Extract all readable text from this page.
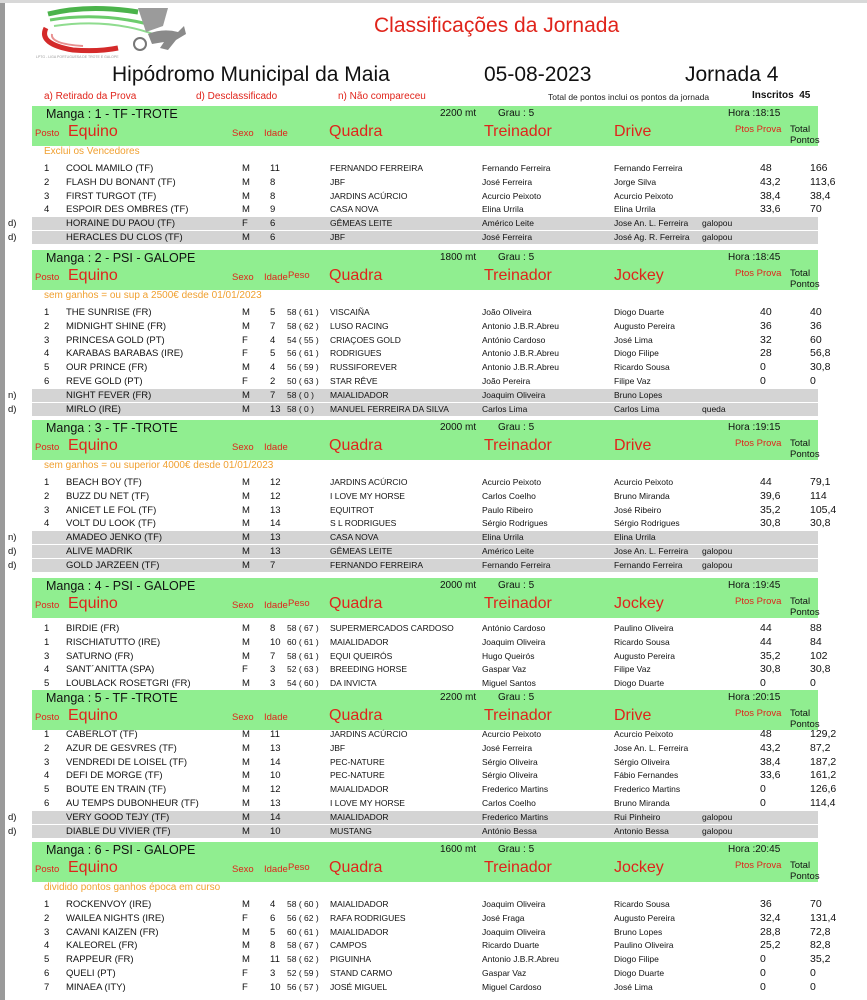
LPTG - LIGA PORTUGUESA DE TROTE E GALOPE
Classificações da Jornada
Hipódromo Municipal da Maia	05-08-2023	Jornada 4
a) Retirado da Prova	d) Desclassificado	n) Não compareceu	Total de pontos inclui os pontos da jornada	Inscritos 45
Manga : 1 - TF -TROTE	2200 mt Grau : 5	Hora :18:15
Posto Equino	Sexo Idade	Quadra	Treinador	Drive	Ptos Prova Total Pontos
Exclui os Vencedores
1 COOL MAMILO (TF)	M 11	FERNANDO FERREIRA	Fernando Ferreira	Fernando Ferreira	48	166
2 FLASH DU BONANT (TF)	M 8	JBF	José Ferreira	Jorge Silva	43,2	113,6
3 FIRST TURGOT (TF)	M 8	JARDINS ACÚRCIO	Acurcio Peixoto	Acurcio Peixoto	38,4	38,4
4 ESPOIR DES OMBRES (TF)	M 9	CASA NOVA	Elina Urrila	Elina Urrila	33,6	70
d)	HORAINE DU PAOU (TF)	F 6	GÊMEAS LEITE	Américo Leite	Jose An. L. Ferreira galopou
d)	HERACLES DU CLOS (TF)	M 6	JBF	José Ferreira	José Ag. R. Ferreira galopou
Manga : 2 - PSI - GALOPE	1800 mt Grau : 5	Hora :18:45
Posto Equino	Sexo Idade Peso Quadra	Treinador	Jockey	Ptos Prova Total Pontos
sem ganhos = ou sup a 2500€ desde 01/01/2023
1 THE SUNRISE (FR)	M 5 58 ( 61 ) VISCAIÑA	João Oliveira	Diogo Duarte	40	40
2 MIDNIGHT SHINE (FR)	M 7 58 ( 62 ) LUSO RACING	Antonio J.B.R.Abreu	Augusto Pereira	36	36
3 PRINCESA GOLD (PT)	F 4 54 ( 55 ) CRIAÇOES GOLD	António Cardoso	José Lima	32	60
4 KARABAS BARABAS (IRE)	F 5 56 ( 61 ) RODRIGUES	Antonio J.B.R.Abreu	Diogo Filipe	28	56,8
5 OUR PRINCE (FR)	M 4 56 ( 59 ) RUSSIFOREVER	Antonio J.B.R.Abreu	Ricardo Sousa	0	30,8
6 REVE GOLD (PT)	F 2 50 ( 63 ) STAR RÊVE	João Pereira	Filipe Vaz	0	0
n)	NIGHT FEVER (FR)	M 7 58 ( 0 ) MAIALIDADOR	Joaquim Oliveira	Bruno Lopes
d)	MIRLO (IRE)	M 13 58 ( 0 ) MANUEL FERREIRA DA SILVA	Carlos Lima	Carlos Lima	queda
Manga : 3 - TF -TROTE	2000 mt Grau : 5	Hora :19:15
Posto Equino	Sexo Idade	Quadra	Treinador	Drive	Ptos Prova Total Pontos
sem ganhos = ou superior 4000€ desde 01/01/2023
1 BEACH BOY (TF)	M 12	JARDINS ACÚRCIO	Acurcio Peixoto	Acurcio Peixoto	44	79,1
2 BUZZ DU NET (TF)	M 12	I LOVE MY HORSE	Carlos Coelho	Bruno Miranda	39,6	114
3 ANICET LE FOL (TF)	M 13	EQUITROT	Paulo Ribeiro	José Ribeiro	35,2	105,4
4 VOLT DU LOOK (TF)	M 14	S L RODRIGUES	Sérgio Rodrigues	Sérgio Rodrigues	30,8	30,8
n)	AMADEO JENKO (TF)	M 13	CASA NOVA	Elina Urrila	Elina Urrila
d)	ALIVE MADRIK	M 13	GÊMEAS LEITE	Américo Leite	Jose An. L. Ferreira galopou
d)	GOLD JARZEEN (TF)	M 7	FERNANDO FERREIRA	Fernando Ferreira	Fernando Ferreira galopou
Manga : 4 - PSI - GALOPE	2000 mt Grau : 5	Hora :19:45
Posto Equino	Sexo Idade Peso Quadra	Treinador	Jockey	Ptos Prova Total Pontos
1 BIRDIE (FR)	M 8 58 ( 67 ) SUPERMERCADOS CARDOSO	António Cardoso	Paulino Oliveira	44	88
1 RISCHIATUTTO (IRE)	M 10 60 ( 61 ) MAIALIDADOR	Joaquim Oliveira	Ricardo Sousa	44	84
3 SATURNO (FR)	M 7 58 ( 61 ) EQUI QUEIRÓS	Hugo Queirós	Augusto Pereira	35,2	102
4 SANT´ANITTA (SPA)	F 3 52 ( 63 ) BREEDING HORSE	Gaspar Vaz	Filipe Vaz	30,8	30,8
5 LOUBLACK ROSETGRI (FR)	M 3 54 ( 60 ) DA INVICTA	Miguel Santos	Diogo Duarte	0	0
Manga : 5 - TF -TROTE	2200 mt Grau : 5	Hora :20:15
Posto Equino	Sexo Idade	Quadra	Treinador	Drive	Ptos Prova Total Pontos
1 CABERLOT (TF)	M 11	JARDINS ACÚRCIO	Acurcio Peixoto	Acurcio Peixoto	48	129,2
2 AZUR DE GESVRES (TF)	M 13	JBF	José Ferreira	Jose An. L. Ferreira	43,2	87,2
3 VENDREDI DE LOISEL (TF)	M 14	PEC-NATURE	Sérgio Oliveira	Sérgio Oliveira	38,4	187,2
4 DEFI DE MORGE (TF)	M 10	PEC-NATURE	Sérgio Oliveira	Fábio Fernandes	33,6	161,2
5 BOUTE EN TRAIN (TF)	M 12	MAIALIDADOR	Frederico Martins	Frederico Martins	0	126,6
6 AU TEMPS DUBONHEUR (TF)	M 13	I LOVE MY HORSE	Carlos Coelho	Bruno Miranda	0	114,4
d)	VERY GOOD TEJY (TF)	M 14	MAIALIDADOR	Frederico Martins	Rui Pinheiro	galopou
d)	DIABLE DU VIVIER (TF)	M 10	MUSTANG	António Bessa	Antonio Bessa	galopou
Manga : 6 - PSI - GALOPE	1600 mt Grau : 5	Hora :20:45
Posto Equino	Sexo Idade Peso Quadra	Treinador	Jockey	Ptos Prova Total Pontos
dividido pontos ganhos época em curso
1 ROCKENVOY (IRE)	M 4 58 ( 60 ) MAIALIDADOR	Joaquim Oliveira	Ricardo Sousa	36	70
2 WAILEA NIGHTS (IRE)	F 6 56 ( 62 ) RAFA RODRIGUES	José Fraga	Augusto Pereira	32,4	131,4
3 CAVANI KAIZEN (FR)	M 5 60 ( 61 ) MAIALIDADOR	Joaquim Oliveira	Bruno Lopes	28,8	72,8
4 KALEOREL (FR)	M 8 58 ( 67 ) CAMPOS	Ricardo Duarte	Paulino Oliveira	25,2	82,8
5 RAPPEUR (FR)	M 11 58 ( 62 ) PIGUINHA	Antonio J.B.R.Abreu	Diogo Filipe	0	35,2
6 QUELI (PT)	F 3 52 ( 59 ) STAND CARMO	Gaspar Vaz	Diogo Duarte	0	0
7 MINAEA (ITY)	F 10 56 ( 57 ) JOSÉ MIGUEL	Miguel Cardoso	José Lima	0	0
